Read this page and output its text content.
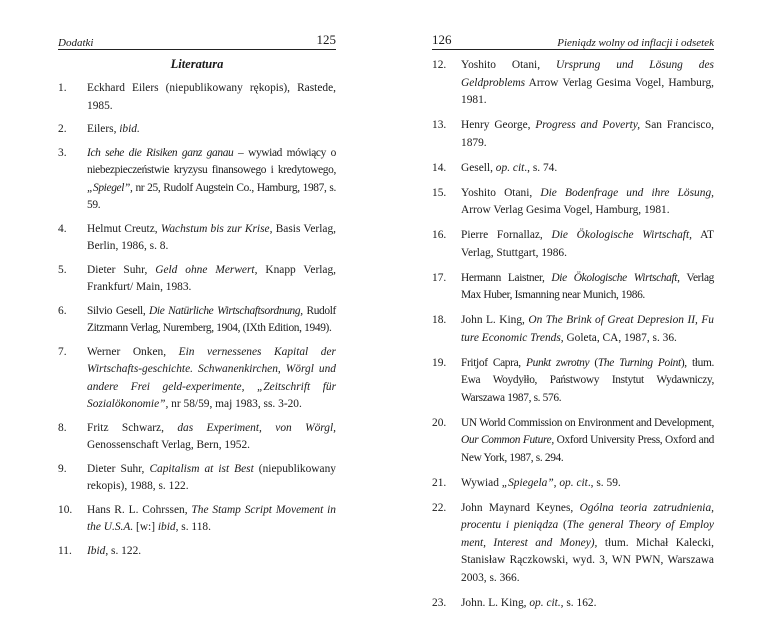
Dodatki	125
Literatura
1. Eckhard Eilers (niepublikowany rękopis), Rastede, 1985.
2. Eilers, ibid.
3. Ich sehe die Risiken ganz ganau – wywiad mówiący o niebezpieczeństwie kryzysu finansowego i kredytowego, „Spiegel”, nr 25, Rudolf Augstein Co., Hamburg, 1987, s. 59.
4. Helmut Creutz, Wachstum bis zur Krise, Basis Verlag, Berlin, 1986, s. 8.
5. Dieter Suhr, Geld ohne Merwert, Knapp Verlag, Frankfurt/ Main, 1983.
6. Silvio Gesell, Die Natürliche Wirtschaftsordnung, Rudolf Zitzmann Verlag, Nuremberg, 1904, (IXth Edition, 1949).
7. Werner Onken, Ein vernessenes Kapital der Wirtschafts-geschichte. Schwanenkirchen, Wörgl und andere Frei geld-experimente, „Zeitschrift für Sozialökonomie”, nr 58/59, maj 1983, ss. 3-20.
8. Fritz Schwarz, das Experiment, von Wörgl, Genossenschaft Verlag, Bern, 1952.
9. Dieter Suhr, Capitalism at ist Best (niepublikowany rekopis), 1988, s. 122.
10. Hans R. L. Cohrssen, The Stamp Script Movement in the U.S.A. [w:] ibid, s. 118.
11. Ibid, s. 122.
126	Pieniądz wolny od inflacji i odsetek
12. Yoshito Otani, Ursprung und Lösung des Geldproblems Arrow Verlag Gesima Vogel, Hamburg, 1981.
13. Henry George, Progress and Poverty, San Francisco, 1879.
14. Gesell, op. cit., s. 74.
15. Yoshito Otani, Die Bodenfrage und ihre Lösung, Arrow Verlag Gesima Vogel, Hamburg, 1981.
16. Pierre Fornallaz, Die Ökologische Wirtschaft, AT Verlag, Stuttgart, 1986.
17. Hermann Laistner, Die Ökologische Wirtschaft, Verlag Max Huber, Ismanning near Munich, 1986.
18. John L. King, On The Brink of Great Depresion II, Fu ture Economic Trends, Goleta, CA, 1987, s. 36.
19. Fritjof Capra, Punkt zwrotny (The Turning Point), tłum. Ewa Woydyłło, Państwowy Instytut Wydawniczy, Warszawa 1987, s. 576.
20. UN World Commission on Environment and Development, Our Common Future, Oxford University Press, Oxford and New York, 1987, s. 294.
21. Wywiad „Spiegela”, op. cit., s. 59.
22. John Maynard Keynes, Ogólna teoria zatrudnienia, procentu i pieniądza (The general Theory of Employ ment, Interest and Money), tłum. Michał Kalecki, Stanisław Rączkowski, wyd. 3, WN PWN, Warszawa 2003, s. 366.
23. John. L. King, op. cit., s. 162.
